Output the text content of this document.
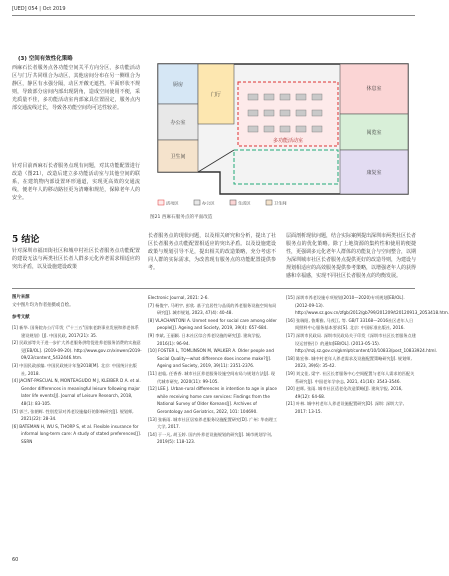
[UED] 054 | Oct 2019
(3) 空间有效性化策略
西麻石长者服务点各功能空间关平方向分区，多功能活动区与门厅共同组合为动区，其他房间分布在另一侧组合为静区，静区有水强分隔，动区开敞无遮挡。平面形状不规则，导致部分房间内部出现阴角，造成空间使用不便，采光质量不佳，多功能活动室内部家具位置固定，服务点内部交通流线过长，导致各功能空间均可达性较差。
针对目前西麻石长者服务点现有问题，对其功能配置进行改造（图21），改造后建立多功能活动室与其他空间的联系，在建筑物内部设置环形通道，实现更高效的交通流线，便老年人的移动路径更为清晰和规范，保障老年人的安全。
厨房
门厅
多功能活动室
卫生间
休息室
办公室
阅览室
康复室
活动区	办公区	生活区	卫生间
图21 西麻石服务点的平面改造
5 结论
针对深圳市福田街社区和城中村社区长者服务点功能配置的建设无法与两类社区长者人群多元化养老需求相适应的突出矛盾，以及设施建设政策
长者服务点的现状问题，以及相关研究和分析，提出了社区长者服务点功能配置相适应的突出矛盾。以及设施建设政策与规划引导不足，提出相关的改造策略，充分考虑不同人群的实际需求，为改善现有服务点的功能配置提供参考。
层面剖析现状问题，结合实际案例提出深圳市两类社区长者服务点的优化策略。除了上地资源的集约性和使用的便捷性，更强调多元化老年人群体的功能复合与空间整合，以期为深圳城市社区长者服务点提供更好的改造导则，为建设与规划相适应的高效服务提供参考策略，以增强老年人的获得感和幸福感，实现不同社区长者服务点的均衡发展。
图片来源
文中图片均为作者拍摄或自绘。
参考文献
[1] 新华. 国务院办公厅印发《"十三五"国家老龄事业发展和养老体系建设规划》[J]. 中国民政, 2017(21): 35.
[2] 民政部等关于进一步扩大养老服务供给促进养老服务消费的实施意见[EB/OL]. (2019-09-20). http://www.gov.cn/xinwen/2019-09/23/content_5432446.htm.
[3] 中国民政部编. 中国民政统计年鉴2018[M]. 北京: 中国统计出版社, 2018.
[4] JACINT-PASCUAL N, MONTEAGUDO M J, KLEIBER D A. et al. Gender differences in meaningful leisure following major later life events[J]. Journal of Leisure Research, 2018, 48(1): 83-105.
[5] 郭兰, 张朝辉. 性别差异对养老设施偏好的影响研究[J]. 规划师, 2021(22): 28-34.
[6] BATEMAN H, WU S, THORP S, et al. Flexible insurance for informal long-term care: A study of stated preferences[J]. SSRN
Electronic Journal, 2021: 2-6.
[7] 杨俊宇, 马明宇, 彭欣. 基于宜居性与品质的养老服务设施空间布局研究[J]. 城市规划, 2023, 47(4): 40-48.
[8] VLACHANTONI A. Unmet need for social care among older people[J]. Ageing and Society, 2019, 39(4): 657-684.
[9] 李斌, 王丽颖. 日本社区综合养老设施的研究[J]. 建筑学报, 2016(1): 96-94.
[10] FOSTER L, TOMLINSON M, WALKER A. Older people and Social Quality—what difference does income make?[J]. Ageing and Society, 2019, 39(11): 2351-2376.
[11] 赵临, 任香香. 城市社区养老服务设施空间布局与规划方法[J]. 现代城市研究, 2020(11): 99-105.
[12] LEE J. Urban-rural differences in intention to age in place while receiving home care services: Findings from the National Survey of Older Koreans[J]. Archives of Gerontology and Geriatrics, 2022, 101: 104690.
[13] 张新雨. 城市社区居家养老服务设施配置研究[D]. 广州: 华南理工大学, 2017.
[14] 于一凡, 胡玉婷. 国内外养老设施规划的研究[J]. 城市规划学刊, 2019(5): 118-123.
[15] 深圳市养老设施专项规划(2010—2020)专项规划[EB/OL]. (2012-09-13). http://www.sz.gov.cn/zfgb/2012/gb799/201209/t20120913_2053418.htm.
[16] 张瑞阳, 鲁斯雅, 马茂江, 等. GB/T 33168—2016社区老年人日间照料中心服务基本要求[S]. 北京: 中国标准出版社, 2016.
[17] 深圳市民政局. 深圳市民政局关于印发《深圳市社区长者服务点建设运营指引》的通知[EB/OL]. (2013-05-15). http://mzj.sz.gov.cn/gkmlpt/content/10/10833/post_10833924.html.
[18] 陈宏伟. 城中村老年人养老需求及设施配置策略研究[J]. 规划师, 2023, 39(6): 35-42.
[19] 刘文佳, 梁宇. 社区长者服务中心空间配置与老年人需求的匹配关系研究[J]. 中国老年学杂志, 2021, 41(16): 3543-3546.
[20] 赵晖, 张雨. 城市社区适老化改造策略[J]. 建筑学报, 2016, 49(12): 64-68.
[21] 叶林. 城中村老年人养老设施配置研究[D]. 深圳: 深圳大学, 2017: 13-15.
60
